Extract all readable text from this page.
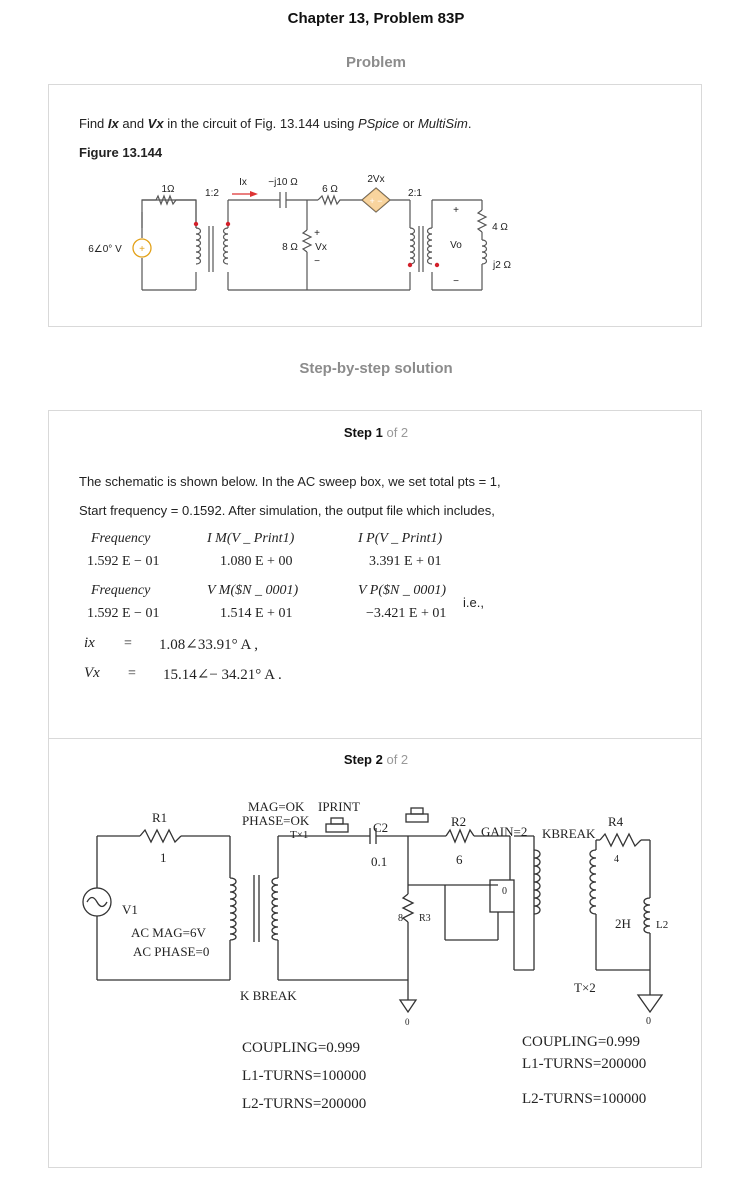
Chapter 13, Problem 83P
Problem
Find Ix and Vx in the circuit of Fig. 13.144 using PSpice or MultiSim.
Figure 13.144
+
1Ω	1:2
Ix −j10 Ω
6 Ω
2Vx
+ −
2:1
4 Ω
6∠0° V	8 Ω Vx
+
−
+
Vo
−
j2 Ω
Step-by-step solution
Step 1 of 2
The schematic is shown below. In the AC sweep box, we set total pts = 1,
Start frequency = 0.1592. After simulation, the output file which includes,
Frequency	I M(V _ Print1)	I P(V _ Print1)
1.592 E − 01	1.080 E + 00	3.391 E + 01
Frequency	V M($N _ 0001)	V P($N _ 0001)
i.e.,
1.592 E − 01	1.514 E + 01	−3.421 E + 01
ix = 1.08∠33.91° A ,
Vx = 15.14∠− 34.21° A .
Step 2 of 2
R1
1
V1
AC MAG=6V
AC PHASE=0
MAG=OK
PHASE=OK
IPRINT
T×1	C2
0.1
R2
6
GAIN=2 KBREAK
R4
4
8 R3
0
2H L2
T×2
K BREAK
0	0
COUPLING=0.999
L1-TURNS=100000
L2-TURNS=200000
COUPLING=0.999
L1-TURNS=200000
L2-TURNS=100000
